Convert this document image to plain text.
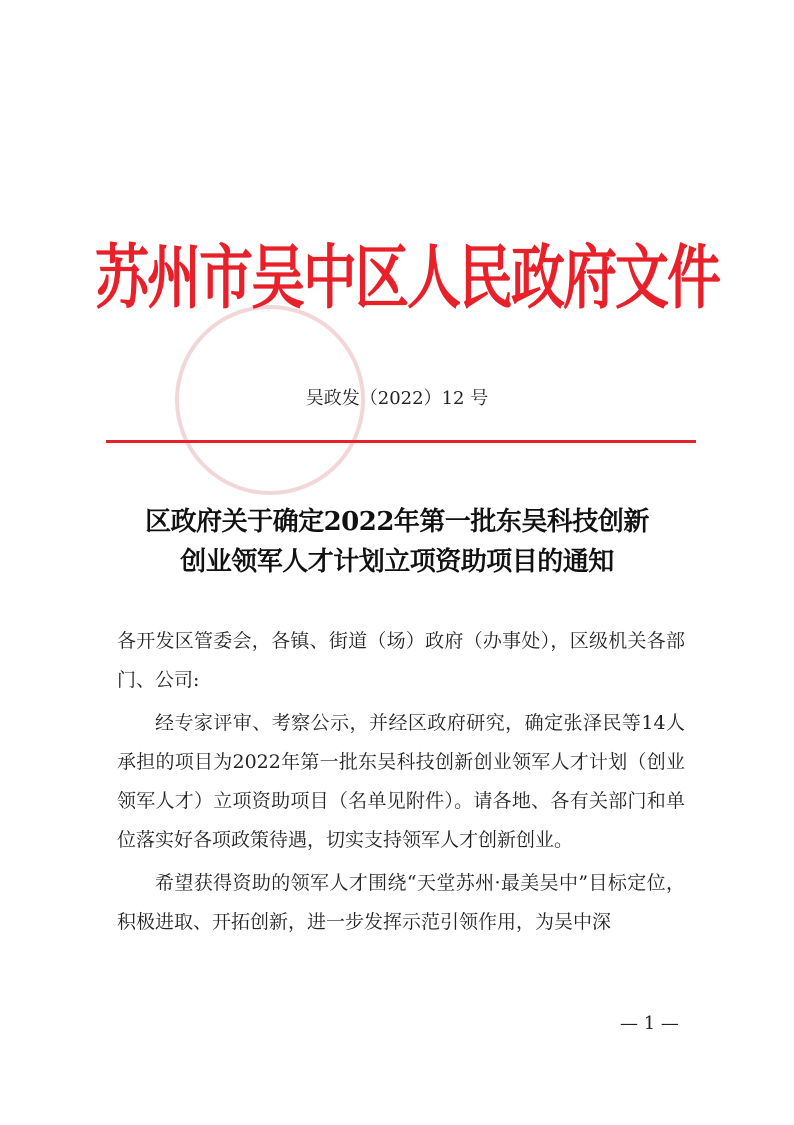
苏州市吴中区人民政府文件
吴政发（2022）12 号
区政府关于确定2022年第一批东吴科技创新
创业领军人才计划立项资助项目的通知

各开发区管委会，各镇、街道（场）政府（办事处），区级机关各部门、公司:

经专家评审、考察公示，并经区政府研究，确定张泽民等14人承担的项目为2022年第一批东吴科技创新创业领军人才计划（创业领军人才）立项资助项目（名单见附件）。请各地、各有关部门和单位落实好各项政策待遇，切实支持领军人才创新创业。

希望获得资助的领军人才围绕“天堂苏州·最美吴中”目标定位，积极进取、开拓创新，进一步发挥示范引领作用，为吴中深

— 1 —
